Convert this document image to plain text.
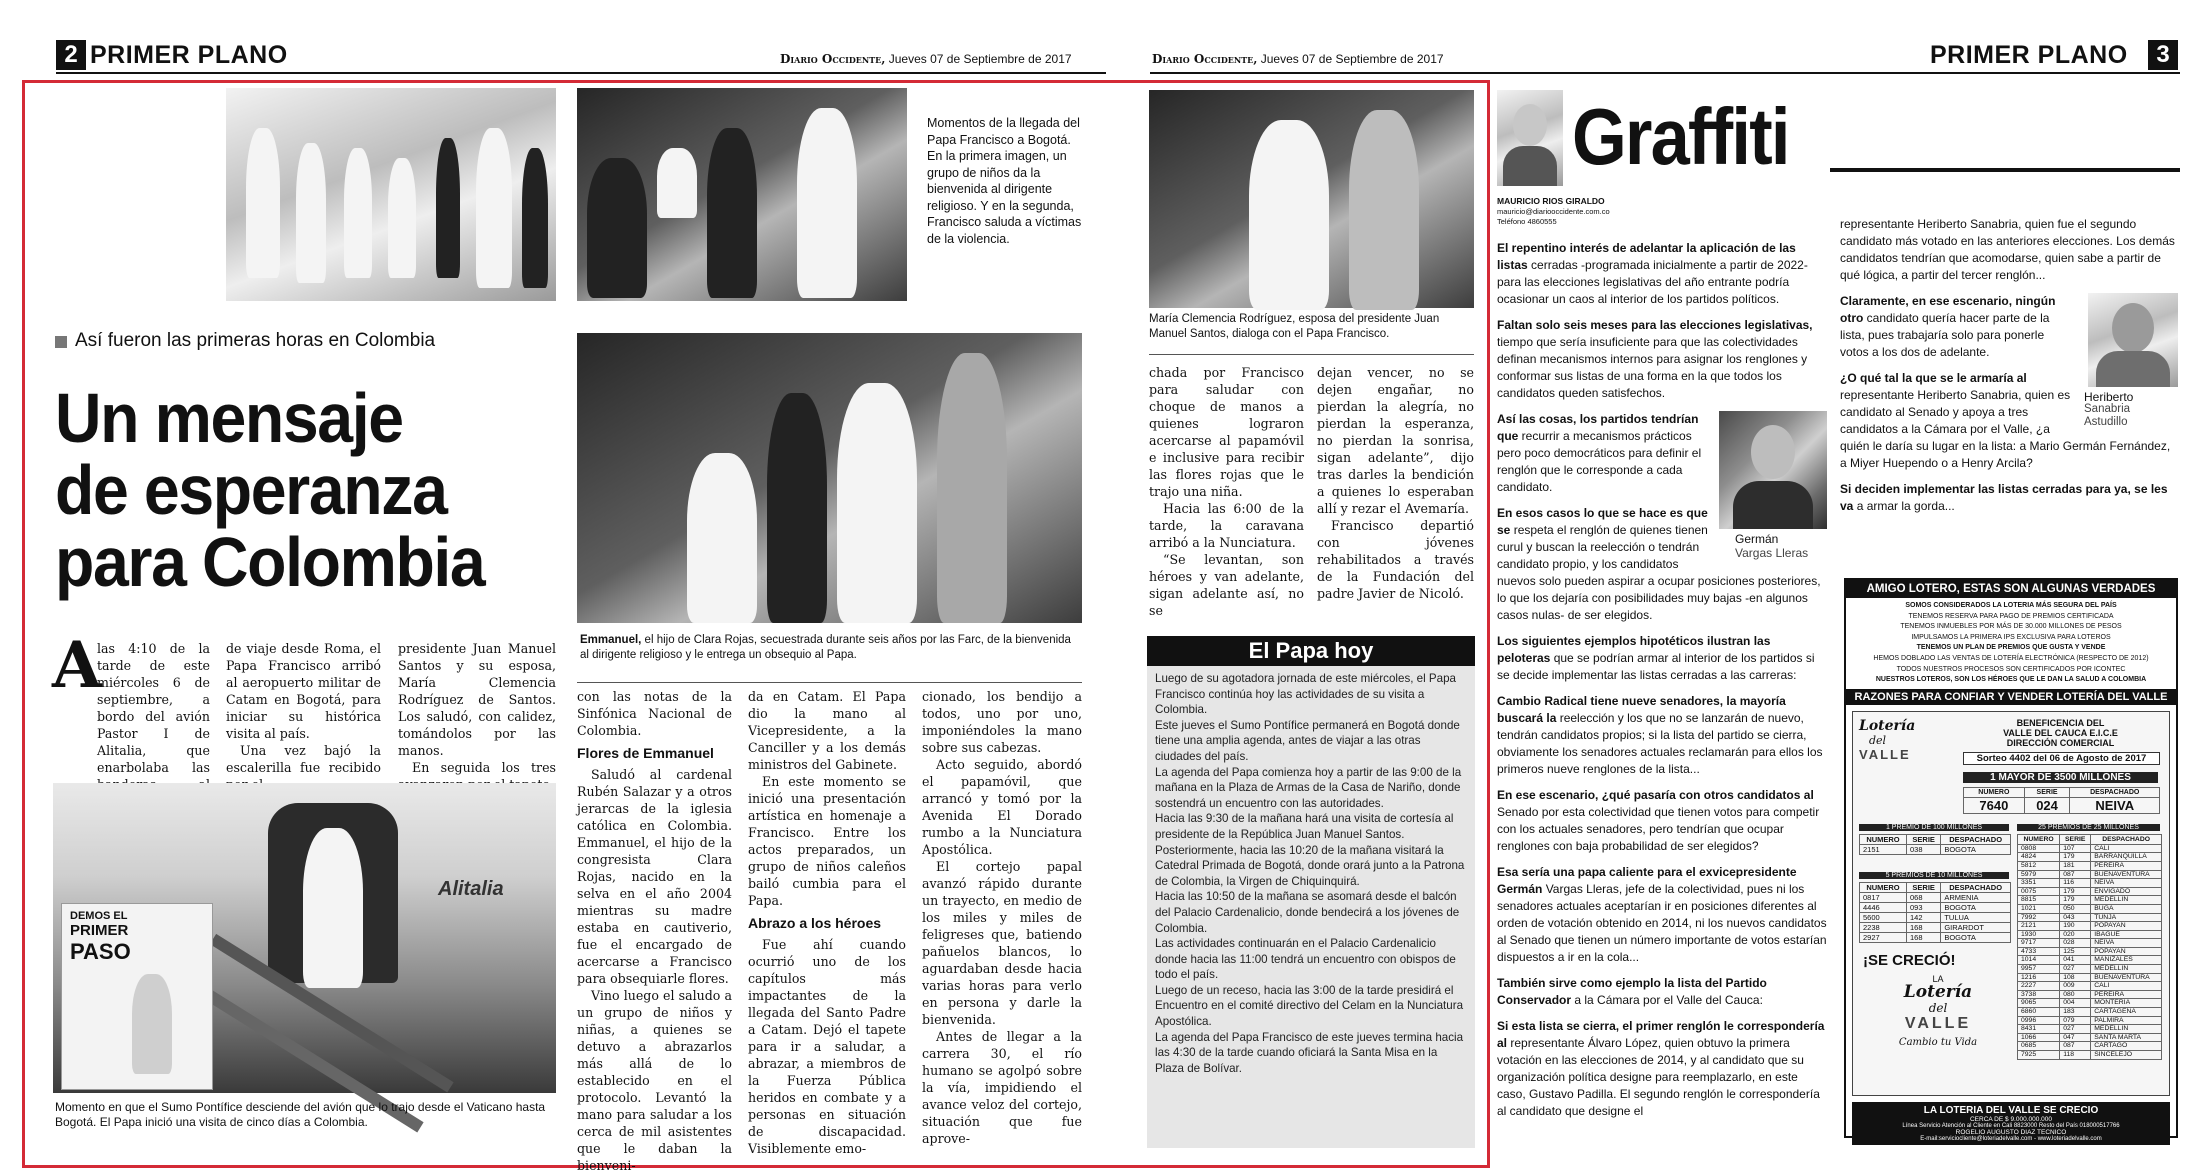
2 PRIMER PLANO	Diario Occidente, Jueves 07 de Septiembre de 2017	Diario Occidente, Jueves 07 de Septiembre de 2017	PRIMER PLANO	3
Momentos de la llegada del Papa Francisco a Bogotá. En la primera imagen, un grupo de niños da la bienvenida al dirigente religioso. Y en la segunda, Francisco saluda a víctimas de la violencia.
Así fueron las primeras horas en Colombia
Un mensaje
de esperanza
para Colombia
Emmanuel, el hijo de Clara Rojas, secuestrada durante seis años por las Farc, de la bienvenida al dirigente religioso y le entrega un obsequio al Papa.
A

las 4:10 de la tarde de este miércoles 6 de septiembre, a bordo del avión Pastor I de Alitalia, que enarbolaba las

de viaje desde Roma, el Papa Francisco arribó al aeropuerto militar de Catam en Bogotá, para iniciar su histórica visita al país.

Una vez bajó la escalerilla fue recibido

presidente Juan Manuel Santos y su esposa, María Clemencia Rodríguez de Santos. Los saludó, con calidez, tomándolos por las manos.

En seguida los tres

Alitalia
DEMOS EL
PRIMER
PASO
Momento en que el Sumo Pontífice desciende del avión que lo trajo desde el Vaticano hasta Bogotá. El Papa inició una visita de cinco días a Colombia.

con las notas de la Sinfónica Nacional de Colombia.

Flores de Emmanuel

Saludó al cardenal Rubén Salazar y a otros jerarcas de la iglesia católica en Colombia. Emmanuel, el hijo de la congresista Clara Rojas, nacido en la selva en el año 2004 mientras su madre estaba en cautiverio, fue el encargado de acercarse a Francisco para obsequiarle flores.

Vino luego el saludo a un grupo de niños y niñas, a quienes se detuvo a abrazarlos más allá de lo establecido en el protocolo. Levantó la mano para saludar a los cerca de mil asistentes que le daban la bienveni-

da en Catam. El Papa dio la mano al Vicepresidente, a la Canciller y a los demás ministros del Gabinete.

En este momento se inició una presentación artística en homenaje a Francisco. Entre los actos preparados, un grupo de niños caleños bailó cumbia para el Papa.

Abrazo a los héroes

Fue ahí cuando ocurrió uno de los capítulos más impactantes de la llegada del Santo Padre a Catam. Dejó el tapete para ir a saludar, a abrazar, a miembros de la Fuerza Pública heridos en combate y a personas en situación de discapacidad. Visiblemente emo-

cionado, los bendijo a todos, uno por uno, imponiéndoles la mano sobre sus cabezas.

Acto seguido, abordó el papamóvil, que arrancó y tomó por la Avenida El Dorado rumbo a la Nunciatura Apostólica.

El cortejo papal avanzó rápido durante un trayecto, en medio de los miles y miles de feligreses que, batiendo pañuelos blancos, lo aguardaban desde hacia varias horas para verlo en persona y darle la bienvenida.

Antes de llegar a la carrera 30, el río humano se agolpó sobre la vía, impidiendo el avance veloz del cortejo, situación que fue aprove-

María Clemencia Rodríguez, esposa del presidente Juan Manuel Santos, dialoga con el Papa Francisco.

chada por Francisco para saludar con choque de manos a quienes lograron acercarse al papamóvil e inclusive para recibir las flores rojas que le trajo una niña.

Hacia las 6:00 de la tarde, la caravana arribó a la Nunciatura.

“Se levantan, son héroes y van adelante, sigan adelante así, no se

dejan vencer, no se dejen engañar, no pierdan la alegría, no pierdan la esperanza, no pierdan la sonrisa, sigan adelante”, dijo tras darles la bendición a quienes lo esperaban allí y rezar el Avemaría.

Francisco departió con jóvenes rehabilitados a través de la Fundación del padre Javier de Nicoló.

El Papa hoy
Luego de su agotadora jornada de este miércoles, el Papa Francisco continúa hoy las actividades de su visita a Colombia.
Este jueves el Sumo Pontífice permanerá en Bogotá donde tiene una amplia agenda, antes de viajar a las otras ciudades del país.
La agenda del Papa comienza hoy a partir de las 9:00 de la mañana en la Plaza de Armas de la Casa de Nariño, donde sostendrá un encuentro con las autoridades.
Hacia las 9:30 de la mañana hará una visita de cortesía al presidente de la República Juan Manuel Santos.
Posteriormente, hacia las 10:20 de la mañana visitará la Catedral Primada de Bogotá, donde orará junto a la Patrona de Colombia, la Virgen de Chiquinquirá.
Hacia las 10:50 de la mañana se asomará desde el balcón del Palacio Cardenalicio, donde bendecirá a los jóvenes de Colombia.
Las actividades continuarán en el Palacio Cardenalicio donde hacia las 11:00 tendrá un encuentro con obispos de todo el país.
Luego de un receso, hacia las 3:00 de la tarde presidirá el Encuentro en el comité directivo del Celam en la Nunciatura Apostólica.
La agenda del Papa Francisco de este jueves termina hacia las 4:30 de la tarde cuando oficiará la Santa Misa en la Plaza de Bolívar.
Graffiti
MAURICIO RIOS GIRALDO
mauricio@diariooccidente.com.co
Teléfono 4860555

El repentino interés de adelantar la aplicación de las listas cerradas -programada inicialmente a partir de 2022- para las elecciones legislativas del año entrante podría ocasionar un caos al interior de los partidos políticos.

Faltan solo seis meses para las elecciones legislativas, tiempo que sería insuficiente para que las colectividades definan mecanismos internos para asignar los renglones y conformar sus listas de una forma en la que todos los candidatos queden satisfechos.

Germán
Vargas Lleras

Así las cosas, los partidos tendrían que recurrir a mecanismos prácticos pero poco democráticos para definir el renglón que le corresponde a cada candidato.

En esos casos lo que se hace es que se respeta el renglón de quienes tienen curul y buscan la reelección o tendrán candidato propio, y los candidatos nuevos solo pueden aspirar a ocupar posiciones posteriores, lo que los dejaría con posibilidades muy bajas -en algunos casos nulas- de ser elegidos.

Los siguientes ejemplos hipotéticos ilustran las peloteras que se podrían armar al interior de los partidos si se decide implementar las listas cerradas a las carreras:

Cambio Radical tiene nueve senadores, la mayoría buscará la reelección y los que no se lanzarán de nuevo, tendrán candidatos propios; si la lista del partido se cierra, obviamente los senadores actuales reclamarán para ellos los primeros nueve renglones de la lista...

En ese escenario, ¿qué pasaría con otros candidatos al Senado por esta colectividad que tienen votos para competir con los actuales senadores, pero tendrían que ocupar renglones con baja probabilidad de ser elegidos?

Esa sería una papa caliente para el exvicepresidente Germán Vargas Lleras, jefe de la colectividad, pues ni los senadores actuales aceptarían ir en posiciones diferentes al orden de votación obtenido en 2014, ni los nuevos candidatos al Senado que tienen un número importante de votos estarían dispuestos a ir en la cola...

También sirve como ejemplo la lista del Partido Conservador a la Cámara por el Valle del Cauca:

Si esta lista se cierra, el primer renglón le correspondería al representante Álvaro López, quien obtuvo la primera votación en las elecciones de 2014, y al candidato que su organización política designe para reemplazarlo, en este caso, Gustavo Padilla. El segundo renglón le correspondería al candidato que designe el

representante Heriberto Sanabria, quien fue el segundo candidato más votado en las anteriores elecciones. Los demás candidatos tendrían que acomodarse, quien sabe a partir de qué lógica, a partir del tercer renglón...

Heriberto
Sanabria Astudillo

Claramente, en ese escenario, ningún otro candidato quería hacer parte de la lista, pues trabajaría solo para ponerle votos a los dos de adelante.

¿O qué tal la que se le armaría al representante Heriberto Sanabria, quien es candidato al Senado y apoya a tres candidatos a la Cámara por el Valle, ¿a quién le daría su lugar en la lista: a Mario Germán Fernández, a Miyer Huependo o a Henry Arcila?

Si deciden implementar las listas cerradas para ya, se les va a armar la gorda...

AMIGO LOTERO, ESTAS SON ALGUNAS VERDADES
SOMOS CONSIDERADOS LA LOTERIA MÁS SEGURA DEL PAÍS
TENEMOS RESERVA PARA PAGO DE PREMIOS CERTIFICADA
TENEMOS INMUEBLES POR MÁS DE 30.000 MILLONES DE PESOS
IMPULSAMOS LA PRIMERA IPS EXCLUSIVA PARA LOTEROS
TENEMOS UN PLAN DE PREMIOS QUE GUSTA Y VENDE
HEMOS DOBLADO LAS VENTAS DE LOTERÍA ELECTRÓNICA (RESPECTO DE 2012)
TODOS NUESTROS PROCESOS SON CERTIFICADOS POR ICONTEC
NUESTROS LOTEROS, SON LOS HÉROES QUE LE DAN LA SALUD A COLOMBIA
RAZONES PARA CONFIAR Y VENDER LOTERÍA DEL VALLE
Lotería
del
VALLE
BENEFICENCIA DEL
VALLE DEL CAUCA E.I.C.E
DIRECCIÓN COMERCIAL
Sorteo 4402 del 06 de Agosto de 2017
1 MAYOR DE 3500 MILLONES
NUMERO	SERIE	DESPACHADO
7640	024	NEIVA
1 PREMIO DE 100 MILLONES
NUMERO	SERIE	DESPACHADO
2151	038	BOGOTA
5 PREMIOS DE 10 MILLONES
NUMERO	SERIE	DESPACHADO
0817	068	ARMENIA
4446	093	BOGOTA
5600	142	TULUA
2238	168	GIRARDOT
2927	168	BOGOTA
¡SE CRECIÓ!
LA
Lotería
del
VALLE
Cambio tu Vida
25 PREMIOS DE 25 MILLONES
NUMERO	SERIE	DESPACHADO
0808	107	CALI
4824	179	BARRANQUILLA
5812	181	PEREIRA
5979	087	BUENAVENTURA
3351	116	NEIVA
0075	179	ENVIGADO
8815	179	MEDELLIN
1021	050	BUGA
7992	043	TUNJA
2121	190	POPAYAN
1930	020	IBAGUE
9717	028	NEIVA
4733	125	POPAYAN
1014	041	MANIZALES
9957	027	MEDELLIN
1216	108	BUENAVENTURA
2227	009	CALI
3738	080	PEREIRA
9065	004	MONTERIA
6860	183	CARTAGENA
0996	079	PALMIRA
8431	027	MEDELLIN
1066	047	SANTA MARTA
0685	087	CARTAGO
7925	118	SINCELEJO
LA LOTERIA DEL VALLE SE CRECIO
CERCA DE $ 9.000.000.000
Línea Servicio Atención al Cliente en Cali 8823000 Resto del País 018000517766
ROGELIO AUGUSTO DIAZ TECNICO
E-mail:serviciocliente@loteriadelvalle.com - www.loteriadelvalle.com
